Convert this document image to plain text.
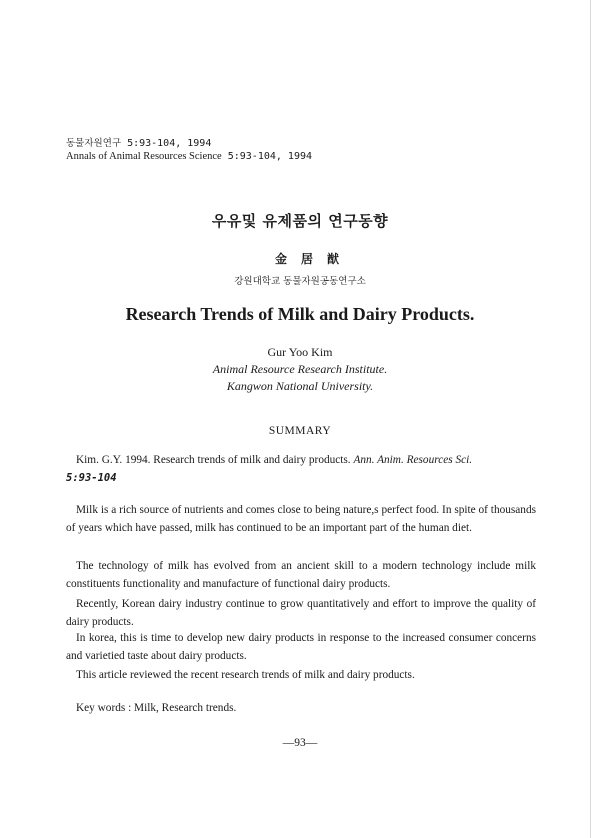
동물자원연구 5:93-104, 1994
Annals of Animal Resources Science 5:93-104, 1994
우유및 유제품의 연구동향
金居猷
강원대학교 동물자원공동연구소
Research Trends of Milk and Dairy Products.
Gur Yoo Kim
Animal Resource Research Institute.
Kangwon National University.
SUMMARY
Kim. G.Y. 1994. Research trends of milk and dairy products. Ann. Anim. Resources Sci.
5:93-104
Milk is a rich source of nutrients and comes close to being nature,s perfect food. In spite of thousands of years which have passed, milk has continued to be an important part of the human diet.
The technology of milk has evolved from an ancient skill to a modern technology include milk constituents functionality and manufacture of functional dairy products.
Recently, Korean dairy industry continue to grow quantitatively and effort to improve the quality of dairy products.
In korea, this is time to develop new dairy products in response to the increased consumer concerns and varietied taste about dairy products.
This article reviewed the recent research trends of milk and dairy products.
Key words : Milk, Research trends.
—93—
